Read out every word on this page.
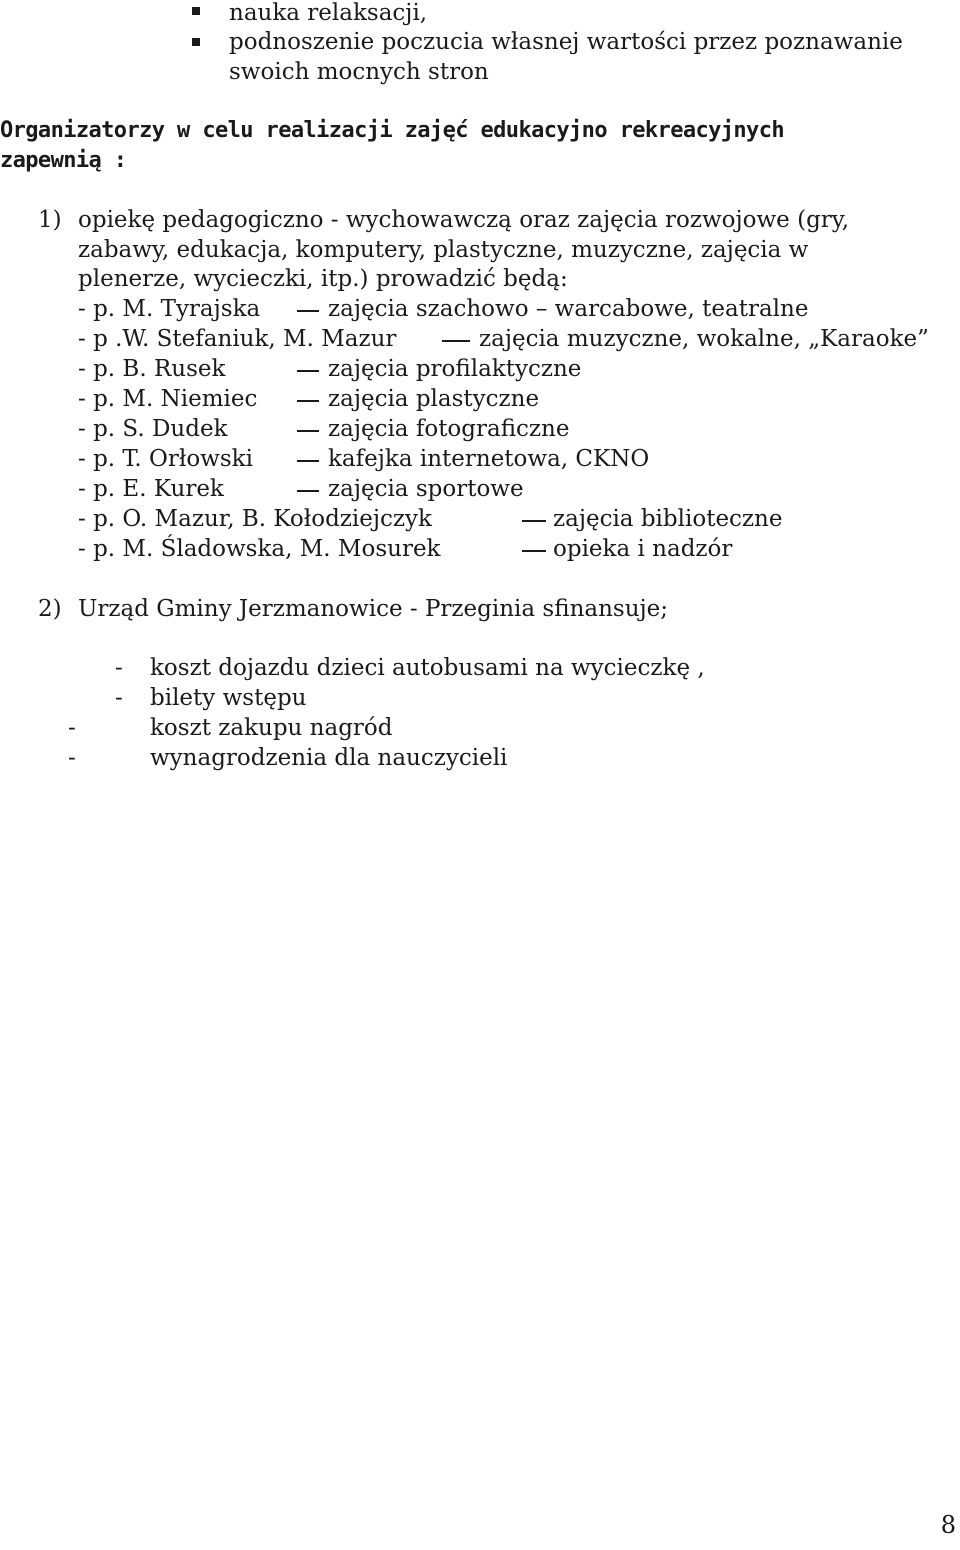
nauka relaksacji,
podnoszenie poczucia własnej wartości przez poznawanie
swoich mocnych stron
Organizatorzy w celu realizacji zajęć edukacyjno rekreacyjnych
zapewnią :
1) opiekę pedagogiczno - wychowawczą oraz zajęcia rozwojowe (gry,
zabawy, edukacja, komputery, plastyczne, muzyczne, zajęcia w
plenerze, wycieczki, itp.) prowadzić będą:
- p. M. Tyrajska	zajęcia szachowo – warcabowe, teatralne
- p .W. Stefaniuk, M. Mazur	zajęcia muzyczne, wokalne, „Karaoke”
- p. B. Rusek	zajęcia profilaktyczne
- p. M. Niemiec	zajęcia plastyczne
- p. S. Dudek	zajęcia fotograficzne
- p. T. Orłowski	kafejka internetowa, CKNO
- p. E. Kurek	zajęcia sportowe
- p. O. Mazur, B. Kołodziejczyk	zajęcia biblioteczne
- p. M. Śladowska, M. Mosurek	opieka i nadzór
2) Urząd Gminy Jerzmanowice - Przeginia sfinansuje;
- koszt dojazdu dzieci autobusami na wycieczkę ,
- bilety wstępu
-	koszt zakupu nagród
-	wynagrodzenia dla nauczycieli
8
